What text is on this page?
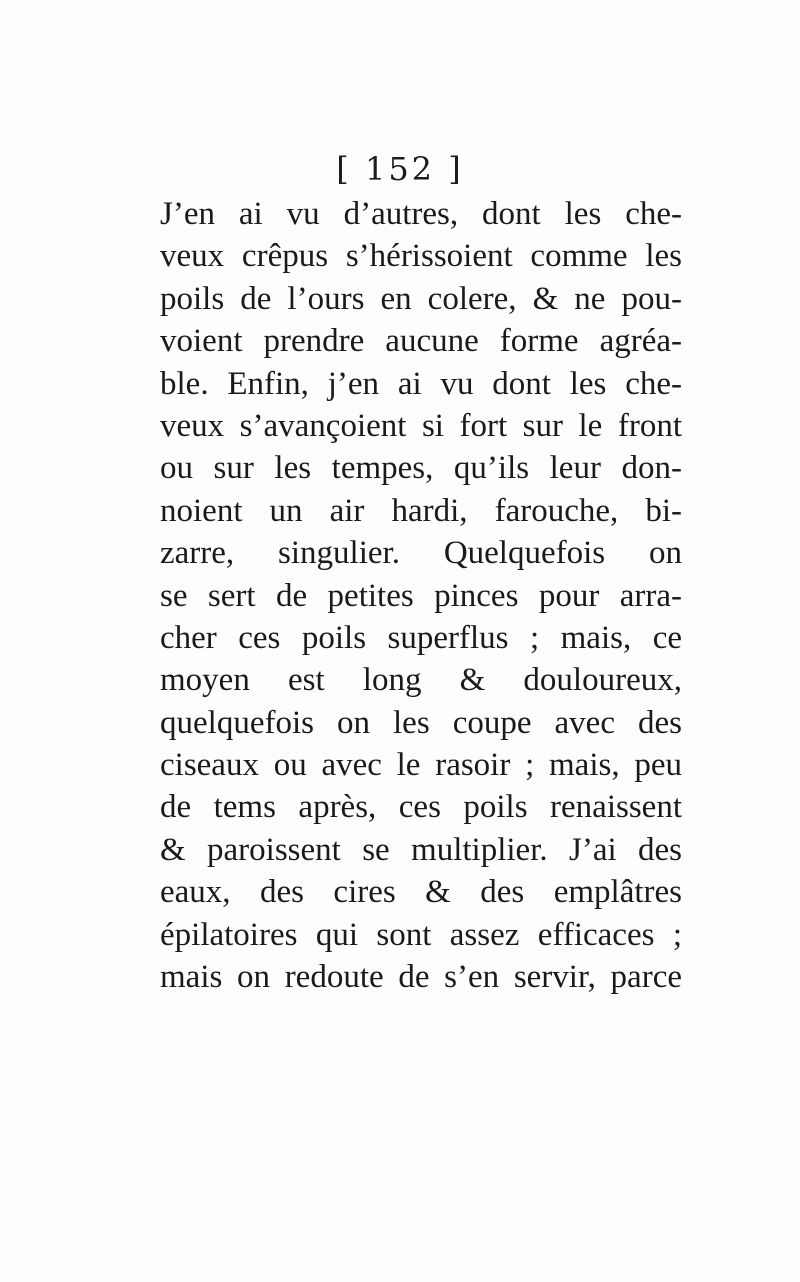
[ 152 ]
J’en ai vu d’autres, dont les che-
veux crêpus s’hérissoient comme les
poils de l’ours en colere, & ne pou-
voient prendre aucune forme agréa-
ble. Enfin, j’en ai vu dont les che-
veux s’avançoient si fort sur le front
ou sur les tempes, qu’ils leur don-
noient un air hardi, farouche, bi-
zarre, singulier. Quelquefois on
se sert de petites pinces pour arra-
cher ces poils superflus ; mais, ce
moyen est long & douloureux,
quelquefois on les coupe avec des
ciseaux ou avec le rasoir ; mais, peu
de tems après, ces poils renaissent
& paroissent se multiplier. J’ai des
eaux, des cires & des emplâtres
épilatoires qui sont assez efficaces ;
mais on redoute de s’en servir, parce
